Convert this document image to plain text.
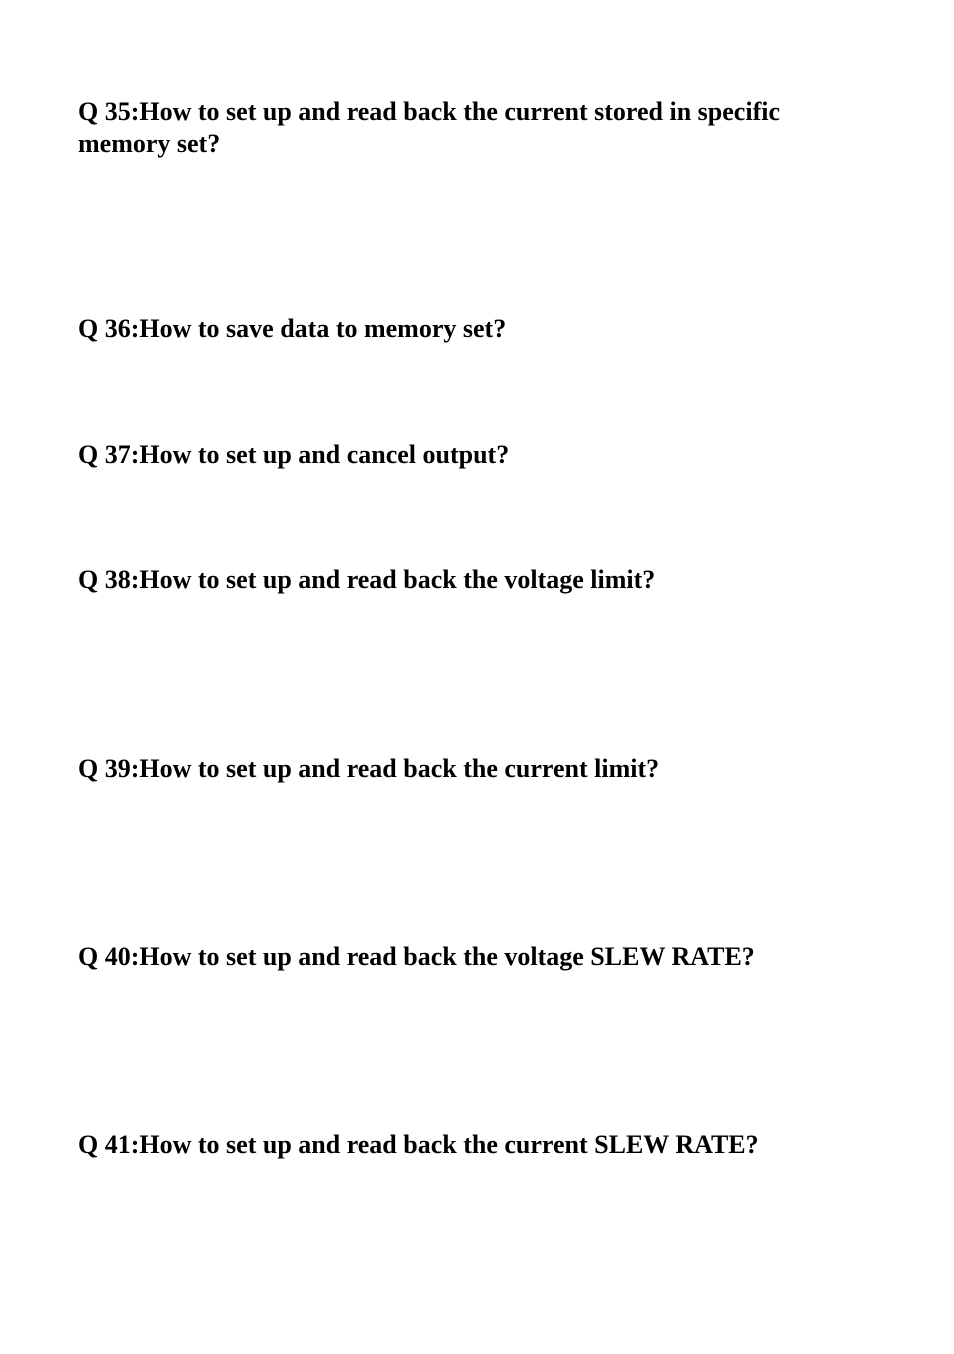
Q 35:How to set up and read back the current stored in specific memory set?

Q 36:How to save data to memory set?

Q 37:How to set up and cancel output?

Q 38:How to set up and read back the voltage limit?

Q 39:How to set up and read back the current limit?

Q 40:How to set up and read back the voltage SLEW RATE?

Q 41:How to set up and read back the current SLEW RATE?
